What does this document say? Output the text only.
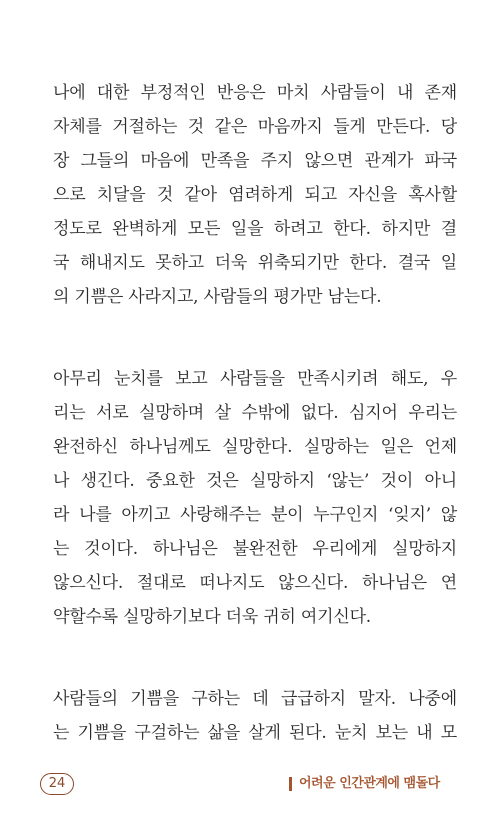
나에 대한 부정적인 반응은 마치 사람들이 내 존재
자체를 거절하는 것 같은 마음까지 들게 만든다. 당
장 그들의 마음에 만족을 주지 않으면 관계가 파국
으로 치달을 것 같아 염려하게 되고 자신을 혹사할
정도로 완벽하게 모든 일을 하려고 한다. 하지만 결
국 해내지도 못하고 더욱 위축되기만 한다. 결국 일
의 기쁨은 사라지고, 사람들의 평가만 남는다.
아무리 눈치를 보고 사람들을 만족시키려 해도, 우
리는 서로 실망하며 살 수밖에 없다. 심지어 우리는
완전하신 하나님께도 실망한다. 실망하는 일은 언제
나 생긴다. 중요한 것은 실망하지 ‘않는’ 것이 아니
라 나를 아끼고 사랑해주는 분이 누구인지 ‘잊지’ 않
는 것이다. 하나님은 불완전한 우리에게 실망하지
않으신다. 절대로 떠나지도 않으신다. 하나님은 연
약할수록 실망하기보다 더욱 귀히 여기신다.
사람들의 기쁨을 구하는 데 급급하지 말자. 나중에
는 기쁨을 구걸하는 삶을 살게 된다. 눈치 보는 내 모
24	어려운 인간관계에 맴돌다
